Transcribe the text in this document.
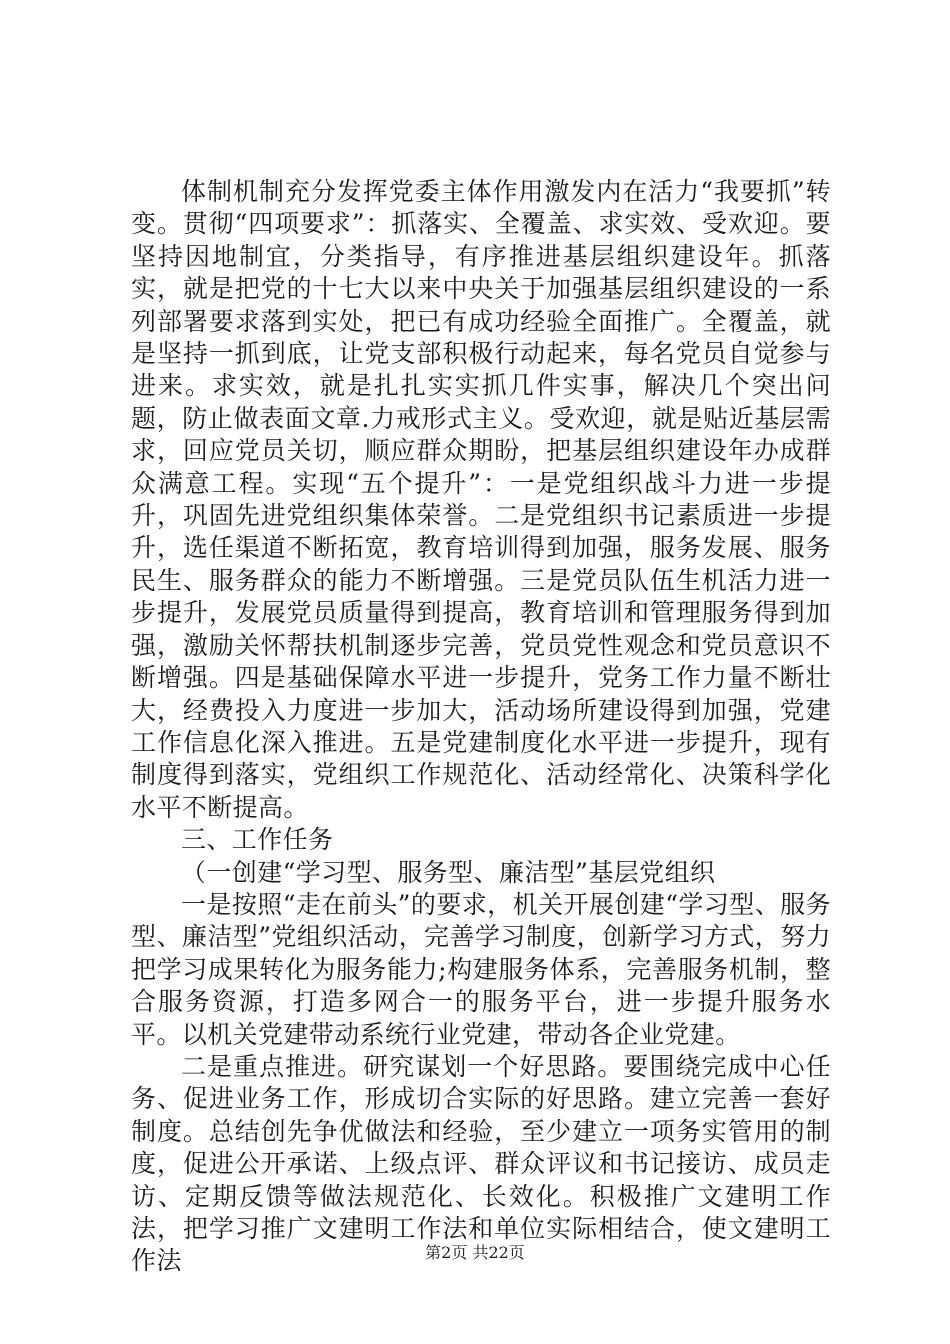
体制机制充分发挥党委主体作用激发内在活力“我要抓”转变。贯彻“四项要求”：抓落实、全覆盖、求实效、受欢迎。要坚持因地制宜，分类指导，有序推进基层组织建设年。抓落实，就是把党的十七大以来中央关于加强基层组织建设的一系列部署要求落到实处，把已有成功经验全面推广。全覆盖，就是坚持一抓到底，让党支部积极行动起来，每名党员自觉参与进来。求实效，就是扎扎实实抓几件实事，解决几个突出问题，防止做表面文章.力戒形式主义。受欢迎，就是贴近基层需求，回应党员关切，顺应群众期盼，把基层组织建设年办成群众满意工程。实现“五个提升”：一是党组织战斗力进一步提升，巩固先进党组织集体荣誉。二是党组织书记素质进一步提升，选任渠道不断拓宽，教育培训得到加强，服务发展、服务民生、服务群众的能力不断增强。三是党员队伍生机活力进一步提升，发展党员质量得到提高，教育培训和管理服务得到加强，激励关怀帮扶机制逐步完善，党员党性观念和党员意识不断增强。四是基础保障水平进一步提升，党务工作力量不断壮大，经费投入力度进一步加大，活动场所建设得到加强，党建工作信息化深入推进。五是党建制度化水平进一步提升，现有制度得到落实，党组织工作规范化、活动经常化、决策科学化水平不断提高。

三、工作任务

（一创建“学习型、服务型、廉洁型”基层党组织

一是按照“走在前头”的要求，机关开展创建“学习型、服务型、廉洁型”党组织活动，完善学习制度，创新学习方式，努力把学习成果转化为服务能力;构建服务体系，完善服务机制，整合服务资源，打造多网合一的服务平台，进一步提升服务水平。以机关党建带动系统行业党建，带动各企业党建。

二是重点推进。研究谋划一个好思路。要围绕完成中心任务、促进业务工作，形成切合实际的好思路。建立完善一套好制度。总结创先争优做法和经验，至少建立一项务实管用的制度，促进公开承诺、上级点评、群众评议和书记接访、成员走访、定期反馈等做法规范化、长效化。积极推广文建明工作法，把学习推广文建明工作法和单位实际相结合，使文建明工作法	第2页 共22页
